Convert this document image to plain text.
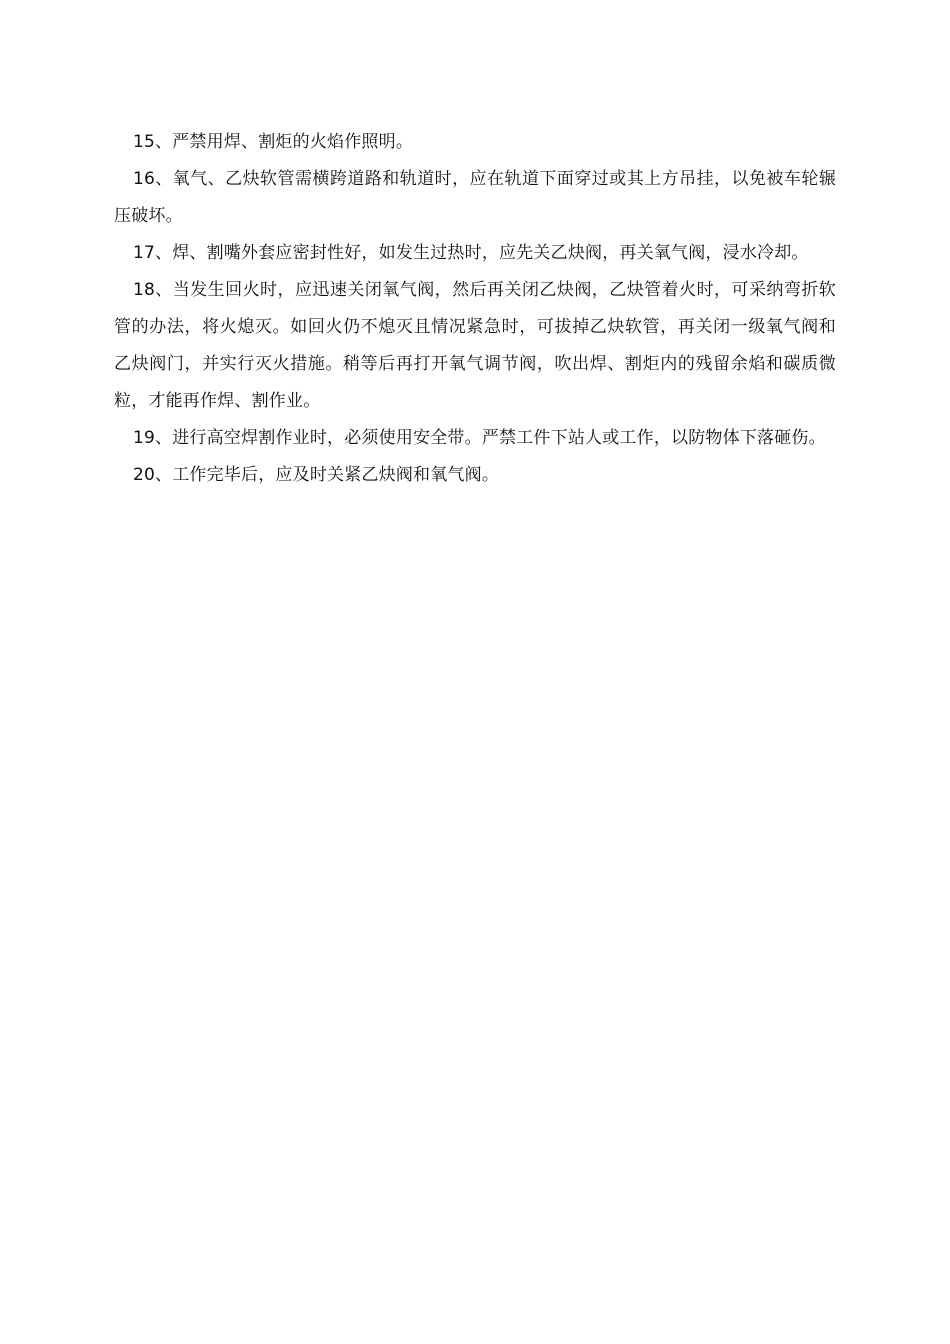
15、严禁用焊、割炬的火焰作照明。

16、氧气、乙炔软管需横跨道路和轨道时，应在轨道下面穿过或其上方吊挂，以免被车轮辗压破坏。

17、焊、割嘴外套应密封性好，如发生过热时，应先关乙炔阀，再关氧气阀，浸水冷却。

18、当发生回火时，应迅速关闭氧气阀，然后再关闭乙炔阀，乙炔管着火时，可采纳弯折软管的办法，将火熄灭。如回火仍不熄灭且情况紧急时，可拔掉乙炔软管，再关闭一级氧气阀和乙炔阀门，并实行灭火措施。稍等后再打开氧气调节阀，吹出焊、割炬内的残留余焰和碳质微粒，才能再作焊、割作业。

19、进行高空焊割作业时，必须使用安全带。严禁工件下站人或工作，以防物体下落砸伤。

20、工作完毕后，应及时关紧乙炔阀和氧气阀。
